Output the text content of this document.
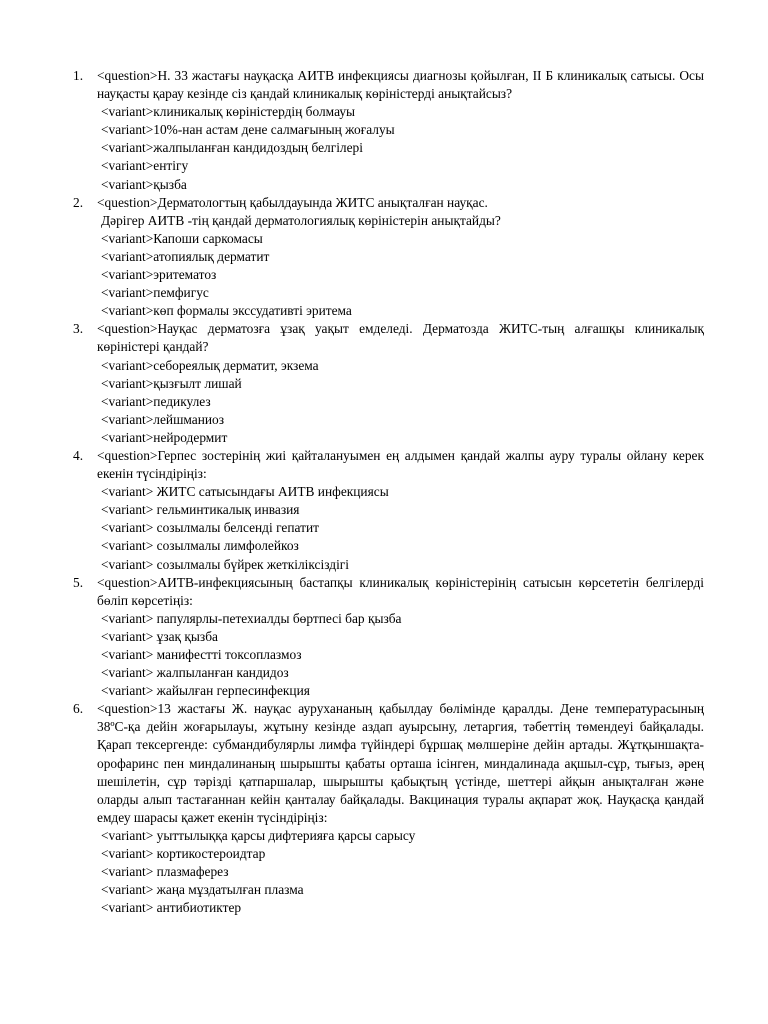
1. <question>Н. 33 жастағы науқасқа АИТВ инфекциясы диагнозы қойылған, ІІ Б клиникалық сатысы. Осы науқасты қарау кезінде сіз қандай клиникалық көріністерді анықтайсыз?

<variant>клиникалық көріністердің болмауы

<variant>10%-нан астам дене салмағының жоғалуы

<variant>жалпыланған кандидоздың белгілері

<variant>ентігу

<variant>қызба

2. <question>Дерматологтың қабылдауында ЖИТС анықталған науқас.

Дәрігер АИТВ -тің қандай дерматологиялық көріністерін анықтайды?

<variant>Капоши саркомасы

<variant>атопиялық дерматит

<variant>эритематоз

<variant>пемфигус

<variant>көп формалы экссудативті эритема

3. <question>Науқас дерматозға ұзақ уақыт емделеді. Дерматозда ЖИТС-тың алғашқы клиникалық көріністері қандай?

<variant>себореялық дерматит, экзема

<variant>қызғылт лишай

<variant>педикулез

<variant>лейшманиоз

<variant>нейродермит

4. <question>Герпес зостерінің жиі қайталануымен ең алдымен қандай жалпы ауру туралы ойлану керек екенін түсіндіріңіз:

<variant> ЖИТС сатысындағы АИТВ инфекциясы

<variant> гельминтикалық инвазия

<variant> созылмалы белсенді гепатит

<variant> созылмалы лимфолейкоз

<variant> созылмалы бүйрек жеткіліксіздігі

5. <question>АИТВ-инфекциясының бастапқы клиникалық көріністерінің сатысын көрсететін белгілерді бөліп көрсетіңіз:

<variant> папулярлы-петехиалды бөртпесі бар қызба

<variant> ұзақ қызба

<variant> манифестті токсоплазмоз

<variant> жалпыланған кандидоз

<variant> жайылған герпесинфекция

6. <question>13 жастағы Ж. науқас аурухананың қабылдау бөлімінде қаралды. Дене температурасының 38ºС-қа дейін жоғарылауы, жұтыну кезінде аздап ауырсыну, летаргия, тәбеттің төмендеуі байқалады. Қарап тексергенде: субмандибулярлы лимфа түйіндері бұршақ мөлшеріне дейін артады. Жұтқыншақта-орофаринс пен миндалинаның шырышты қабаты орташа ісінген, миндалинада ақшыл-сұр, тығыз, әрең шешілетін, сұр тәрізді қатпаршалар, шырышты қабықтың үстінде, шеттері айқын анықталған және оларды алып тастағаннан кейін қанталау байқалады. Вакцинация туралы ақпарат жоқ. Науқасқа қандай емдеу шарасы қажет екенін түсіндіріңіз:

<variant> уыттылыққа қарсы дифтерияға қарсы сарысу

<variant> кортикостероидтар

<variant> плазмаферез

<variant> жаңа мұздатылған плазма

<variant> антибиотиктер
